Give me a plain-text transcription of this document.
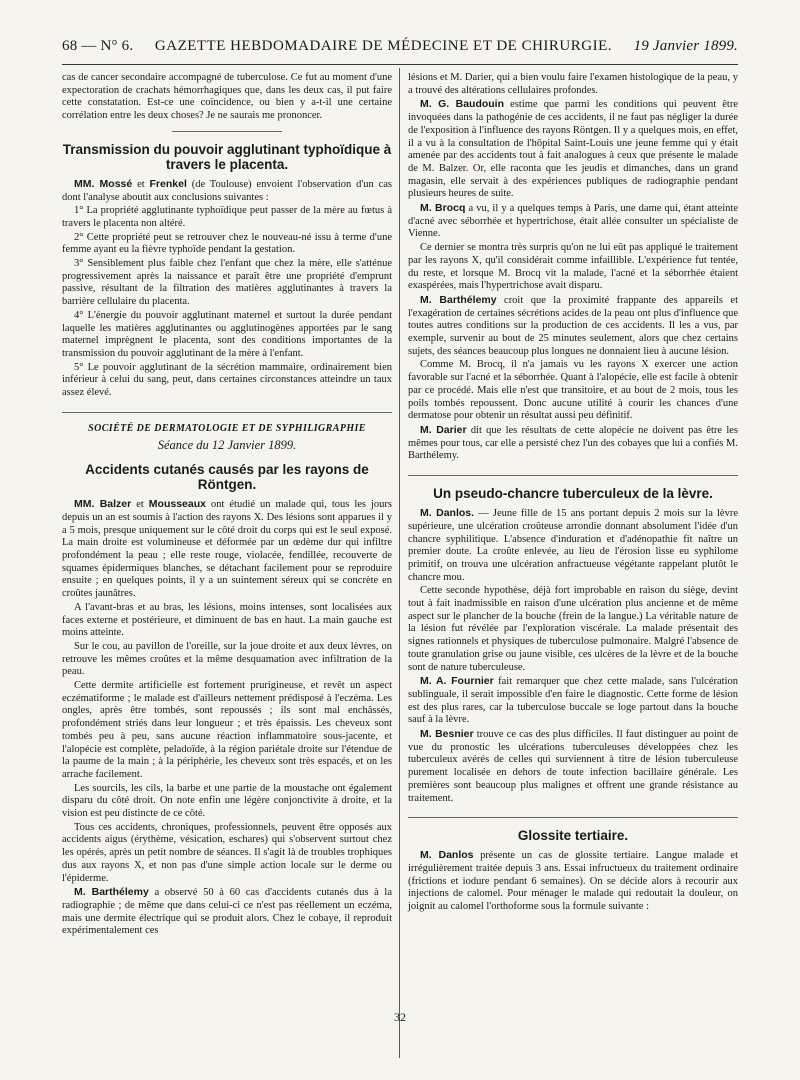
68 — N° 6. GAZETTE HEBDOMADAIRE DE MÉDECINE ET DE CHIRURGIE. 19 Janvier 1899.

cas de cancer secondaire accompagné de tuberculose. Ce fut au moment d'une expectoration de crachats hémorrhagiques que, dans les deux cas, il put faire cette constatation. Est-ce une coïncidence, ou bien y a-t-il une certaine corrélation entre les deux choses? Je ne saurais me prononcer.

Transmission du pouvoir agglutinant typhoïdique à travers le placenta.

MM. Mossé et Frenkel (de Toulouse) envoient l'observation d'un cas dont l'analyse aboutit aux conclusions suivantes :

1° La propriété agglutinante typhoïdique peut passer de la mère au fœtus à travers le placenta non altéré.

2° Cette propriété peut se retrouver chez le nouveau-né issu à terme d'une femme ayant eu la fièvre typhoïde pendant la gestation.

3° Sensiblement plus faible chez l'enfant que chez la mère, elle s'atténue progressivement après la naissance et paraît être une propriété d'emprunt passive, résultant de la filtration des matières agglutinantes à travers la barrière cellulaire du placenta.

4° L'énergie du pouvoir agglutinant maternel et surtout la durée pendant laquelle les matières agglutinantes ou agglutinogènes apportées par le sang maternel imprègnent le placenta, sont des conditions importantes de la transmission du pouvoir agglutinant de la mère à l'enfant.

5° Le pouvoir agglutinant de la sécrétion mammaire, ordinairement bien inférieur à celui du sang, peut, dans certaines circonstances atteindre un taux assez élevé.

SOCIÉTÉ DE DERMATOLOGIE ET DE SYPHILIGRAPHIE
Séance du 12 Janvier 1899.
Accidents cutanés causés par les rayons de Röntgen.

MM. Balzer et Mousseaux ont étudié un malade qui, tous les jours depuis un an est soumis à l'action des rayons X. Des lésions sont apparues il y a 5 mois, presque uniquement sur le côté droit du corps qui est le seul exposé. La main droite est volumineuse et déformée par un œdème dur qui infiltre profondément la peau ; elle reste rouge, violacée, fendillée, recouverte de squames épidermiques blanches, se détachant facilement pour se reproduire ensuite ; en quelques points, il y a un suintement séreux qui se concrète en croûtes jaunâtres.

A l'avant-bras et au bras, les lésions, moins intenses, sont localisées aux faces externe et postérieure, et diminuent de bas en haut. La main gauche est moins atteinte.

Sur le cou, au pavillon de l'oreille, sur la joue droite et aux deux lèvres, on retrouve les mêmes croûtes et la même desquamation avec infiltration de la peau.

Cette dermite artificielle est fortement prurigineuse, et revêt un aspect eczématiforme ; le malade est d'ailleurs nettement prédisposé à l'eczéma. Les ongles, après être tombés, sont repoussés ; ils sont mal enchâssés, profondément striés dans leur longueur ; et très épaissis. Les cheveux sont tombés peu à peu, sans aucune réaction inflammatoire sous-jacente, et l'alopécie est complète, peladoïde, à la région pariétale droite sur l'étendue de la paume de la main ; à la périphérie, les cheveux sont très espacés, et on les arrache facilement.

Les sourcils, les cils, la barbe et une partie de la moustache ont également disparu du côté droit. On note enfin une légère conjonctivite à droite, et la vision est peu distincte de ce côté.

Tous ces accidents, chroniques, professionnels, peuvent être opposés aux accidents aigus (érythème, vésication, eschares) qui s'observent surtout chez les opérés, après un petit nombre de séances. Il s'agit là de troubles trophiques dus aux rayons X, et non pas d'une simple action locale sur le derme ou l'épiderme.

M. Barthélemy a observé 50 à 60 cas d'accidents cutanés dus à la radiographie ; de même que dans celui-ci ce n'est pas réellement un eczéma, mais une dermite électrique qui se produit alors. Chez le cobaye, il reproduit expérimentalement ces

lésions et M. Darier, qui a bien voulu faire l'examen histologique de la peau, y a trouvé des altérations cellulaires profondes.

M. G. Baudouin estime que parmi les conditions qui peuvent être invoquées dans la pathogénie de ces accidents, il ne faut pas négliger la durée de l'exposition à l'influence des rayons Röntgen. Il y a quelques mois, en effet, il a vu à la consultation de l'hôpital Saint-Louis une jeune femme qui y était amenée par des accidents tout à fait analogues à ceux que présente le malade de M. Balzer. Or, elle raconta que les jeudis et dimanches, dans un grand magasin, elle servait à des expériences publiques de radiographie pendant plusieurs heures de suite.

M. Brocq a vu, il y a quelques temps à Paris, une dame qui, étant atteinte d'acné avec séborrhée et hypertrichose, était allée consulter un spécialiste de Vienne.

Ce dernier se montra très surpris qu'on ne lui eût pas appliqué le traitement par les rayons X, qu'il considérait comme infaillible. L'expérience fut tentée, du reste, et lorsque M. Brocq vit la malade, l'acné et la séborrhée étaient exaspérées, mais l'hypertrichose avait disparu.

M. Barthélemy croit que la proximité frappante des appareils et l'exagération de certaines sécrétions acides de la peau ont plus d'influence que toutes autres conditions sur la production de ces accidents. Il les a vus, par exemple, survenir au bout de 25 minutes seulement, alors que chez certains sujets, des séances beaucoup plus longues ne donnaient lieu à aucune lésion.

Comme M. Brocq, il n'a jamais vu les rayons X exercer une action favorable sur l'acné et la séborrhée. Quant à l'alopécie, elle est facile à obtenir par ce procédé. Mais elle n'est que transitoire, et au bout de 2 mois, tous les poils tombés repoussent. Donc aucune utilité à courir les chances d'une dermatose pour obtenir un résultat aussi peu définitif.

M. Darier dit que les résultats de cette alopécie ne doivent pas être les mêmes pour tous, car elle a persisté chez l'un des cobayes que lui a confiés M. Barthélemy.

Un pseudo-chancre tuberculeux de la lèvre.

M. Danlos. — Jeune fille de 15 ans portant depuis 2 mois sur la lèvre supérieure, une ulcération croûteuse arrondie donnant absolument l'idée d'un chancre syphilitique. L'absence d'induration et d'adénopathie fit naître un premier doute. La croûte enlevée, au lieu de l'érosion lisse eu syphilome primitif, on trouva une ulcération anfractueuse végétante rappelant plutôt le chancre mou.

Cette seconde hypothèse, déjà fort improbable en raison du siège, devint tout à fait inadmissible en raison d'une ulcération plus ancienne et de même aspect sur le plancher de la bouche (frein de la langue.) La véritable nature de la lésion fut révélée par l'exploration viscérale. La malade présentait des signes rationnels et physiques de tuberculose pulmonaire. Malgré l'absence de toute granulation grise ou jaune visible, ces ulcères de la lèvre et de la bouche sont de nature tuberculeuse.

M. A. Fournier fait remarquer que chez cette malade, sans l'ulcération sublinguale, il serait impossible d'en faire le diagnostic. Cette forme de lésion est des plus rares, car la tuberculose buccale se loge partout dans la bouche sauf à la lèvre.

M. Besnier trouve ce cas des plus difficiles. Il faut distinguer au point de vue du pronostic les ulcérations tuberculeuses développées chez les tuberculeux avérés de celles qui surviennent à titre de lésion tuberculeuse purement localisée en dehors de toute infection bacillaire générale. Les premières sont beaucoup plus malignes et offrent une grande résistance au traitement.

Glossite tertiaire.

M. Danlos présente un cas de glossite tertiaire. Langue malade et irrégulièrement traitée depuis 3 ans. Essai infructueux du traitement ordinaire (frictions et iodure pendant 6 semaines). On se décide alors à recourir aux injections de calomel. Pour ménager le malade qui redoutait la douleur, on joignit au calomel l'orthoforme sous la formule suivante :

32
